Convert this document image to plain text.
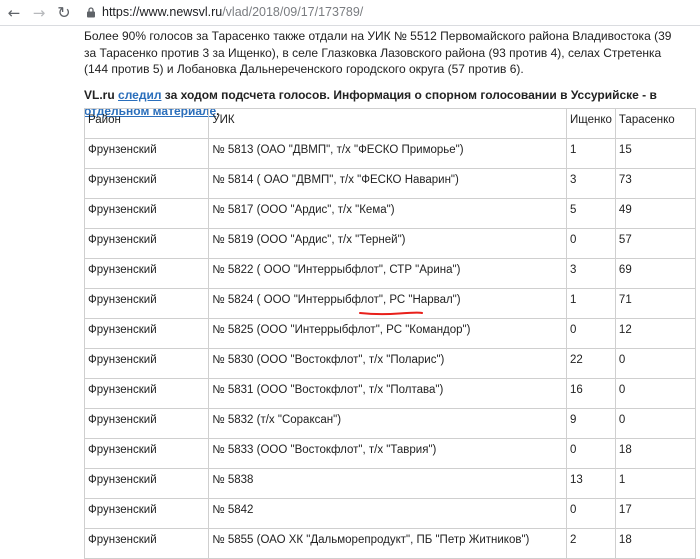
← → ↻	https://www.newsvl.ru/vlad/2018/09/17/173789/

Более 90% голосов за Тарасенко также отдали на УИК № 5512 Первомайского района Владивостока (39 за Тарасенко против 3 за Ищенко), в селе Глазковка Лазовского района (93 против 4), селах Стретенка (144 против 5) и Лобановка Дальнереченского городского округа (57 против 6).

VL.ru следил за ходом подсчета голосов. Информация о спорном голосовании в Уссурийске - в отдельном материале.

Район	УИК	Ищенко	Тарасенко
Фрунзенский	№ 5813 (ОАО "ДВМП", т/х "ФЕСКО Приморье")	1	15
Фрунзенский	№ 5814 ( ОАО "ДВМП", т/х "ФЕСКО Наварин")	3	73
Фрунзенский	№ 5817 (ООО "Ардис", т/х "Кема")	5	49
Фрунзенский	№ 5819 (ООО "Ардис", т/х "Терней")	0	57
Фрунзенский	№ 5822 ( ООО "Интеррыбфлот", СТР "Арина")	3	69
Фрунзенский	№ 5824 ( ООО "Интеррыбфлот", РС "Нарвал")	1	71
Фрунзенский	№ 5825 (ООО "Интеррыбфлот", РС "Командор")	0	12
Фрунзенский	№ 5830 (ООО "Востокфлот", т/х "Поларис")	22	0
Фрунзенский	№ 5831 (ООО "Востокфлот", т/х "Полтава")	16	0
Фрунзенский	№ 5832 (т/х "Сораксан")	9	0
Фрунзенский	№ 5833 (ООО "Востокфлот", т/х "Таврия")	0	18
Фрунзенский	№ 5838	13	1
Фрунзенский	№ 5842	0	17
Фрунзенский	№ 5855 (ОАО ХК "Дальморепродукт", ПБ "Петр Житников")	2	18
